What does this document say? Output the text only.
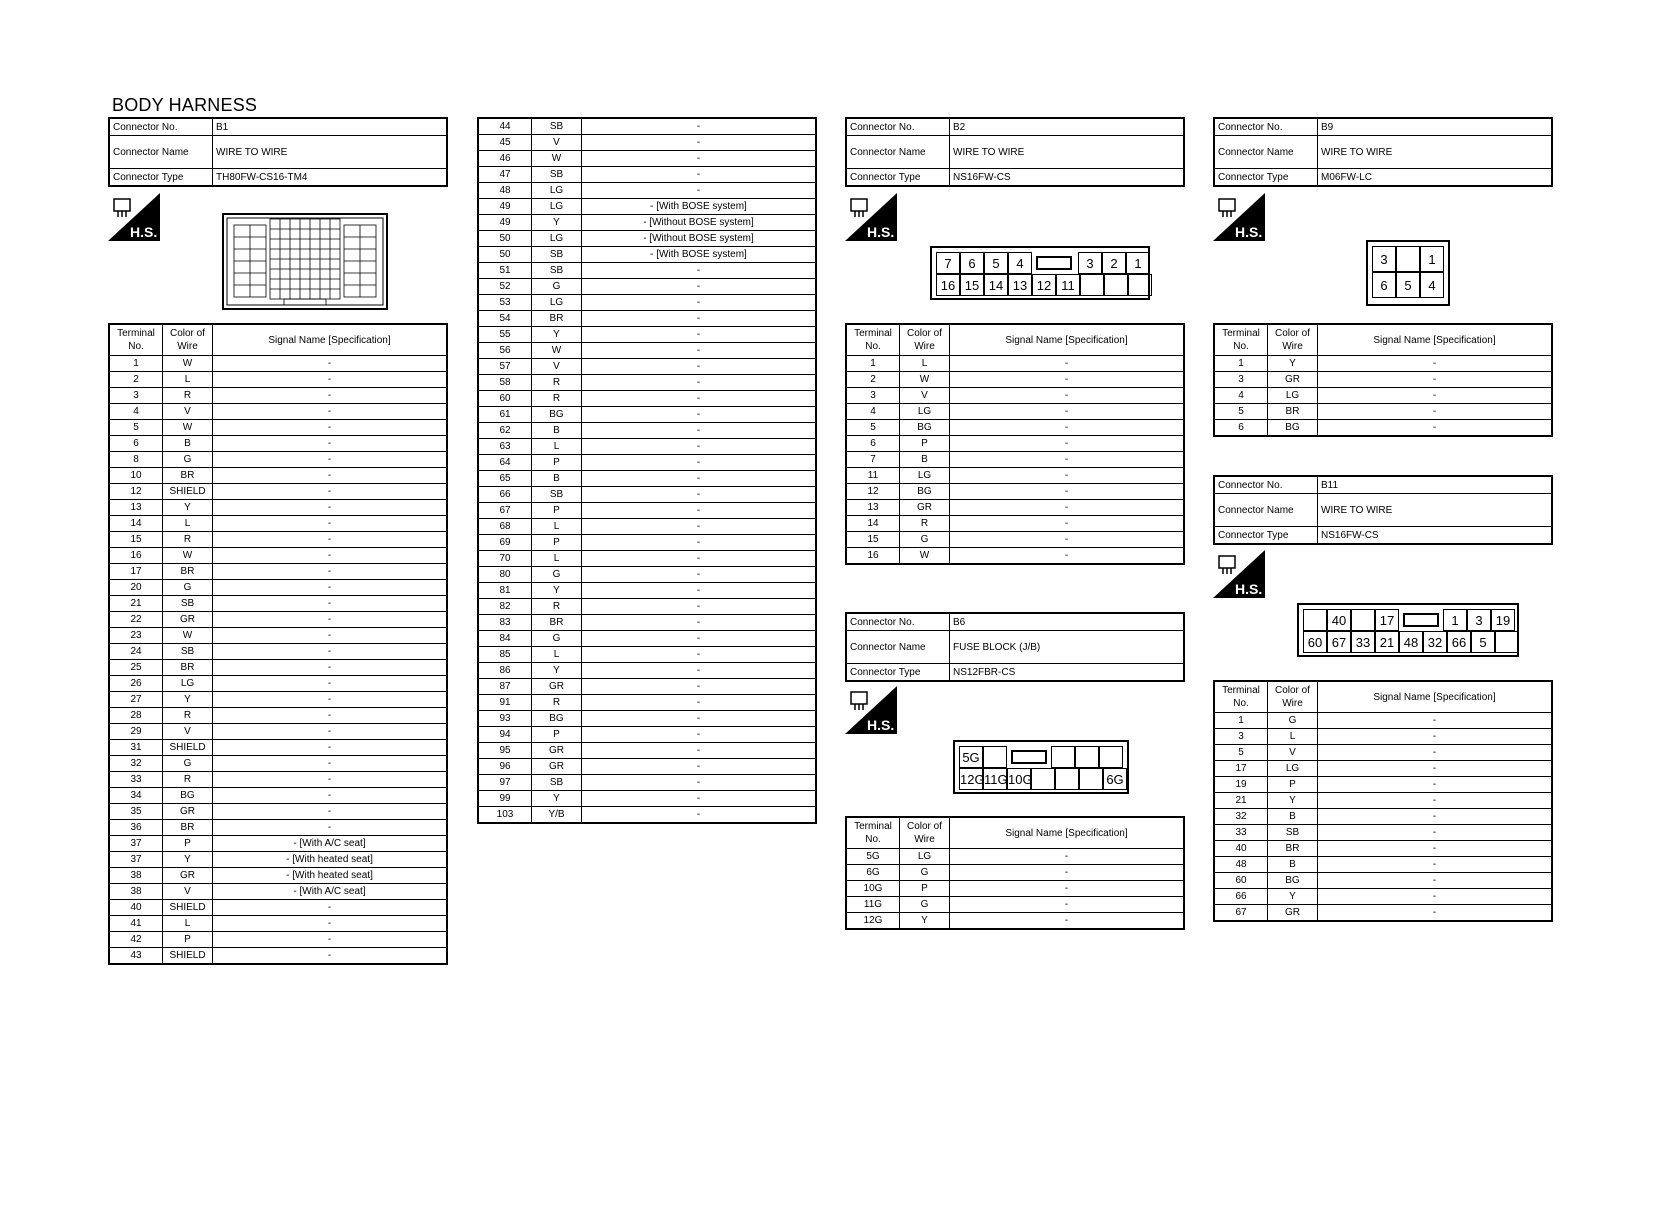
BODY HARNESS
Connector No.	B1
Connector Name	WIRE TO WIRE
Connector Type	TH80FW-CS16-TM4
H.S.
Terminal No.	Color of Wire	Signal Name [Specification]
1	W	-
2	L	-
3	R	-
4	V	-
5	W	-
6	B	-
8	G	-
10	BR	-
12	SHIELD	-
13	Y	-
14	L	-
15	R	-
16	W	-
17	BR	-
20	G	-
21	SB	-
22	GR	-
23	W	-
24	SB	-
25	BR	-
26	LG	-
27	Y	-
28	R	-
29	V	-
31	SHIELD	-
32	G	-
33	R	-
34	BG	-
35	GR	-
36	BR	-
37	P	- [With A/C seat]
37	Y	- [With heated seat]
38	GR	- [With heated seat]
38	V	- [With A/C seat]
40	SHIELD	-
41	L	-
42	P	-
43	SHIELD	-
44	SB	-
45	V	-
46	W	-
47	SB	-
48	LG	-
49	LG	- [With BOSE system]
49	Y	- [Without BOSE system]
50	LG	- [Without BOSE system]
50	SB	- [With BOSE system]
51	SB	-
52	G	-
53	LG	-
54	BR	-
55	Y	-
56	W	-
57	V	-
58	R	-
60	R	-
61	BG	-
62	B	-
63	L	-
64	P	-
65	B	-
66	SB	-
67	P	-
68	L	-
69	P	-
70	L	-
80	G	-
81	Y	-
82	R	-
83	BR	-
84	G	-
85	L	-
86	Y	-
87	GR	-
91	R	-
93	BG	-
94	P	-
95	GR	-
96	GR	-
97	SB	-
99	Y	-
103	Y/B	-
Connector No.	B2
Connector Name	WIRE TO WIRE
Connector Type	NS16FW-CS
H.S.
7	6	5	4	3	2	1
16 15 14 13 12 11
Terminal No.	Color of Wire	Signal Name [Specification]
1	L	-
2	W	-
3	V	-
4	LG	-
5	BG	-
6	P	-
7	B	-
11	LG	-
12	BG	-
13	GR	-
14	R	-
15	G	-
16	W	-
Connector No.	B6
Connector Name	FUSE BLOCK (J/B)
Connector Type	NS12FBR-CS
H.S.
5G
12G 11G 10G	6G
Terminal No.	Color of Wire	Signal Name [Specification]
5G	LG	-
6G	G	-
10G	P	-
11G	G	-
12G	Y	-
Connector No.	B9
Connector Name	WIRE TO WIRE
Connector Type	M06FW-LC
H.S.
3	1
6	5	4
Terminal No.	Color of Wire	Signal Name [Specification]
1	Y	-
3	GR	-
4	LG	-
5	BR	-
6	BG	-
Connector No.	B11
Connector Name	WIRE TO WIRE
Connector Type	NS16FW-CS
H.S.
40	17	1	3	19
60 67 33 21 48 32 66	5
Terminal No.	Color of Wire	Signal Name [Specification]
1	G	-
3	L	-
5	V	-
17	LG	-
19	P	-
21	Y	-
32	B	-
33	SB	-
40	BR	-
48	B	-
60	BG	-
66	Y	-
67	GR	-
